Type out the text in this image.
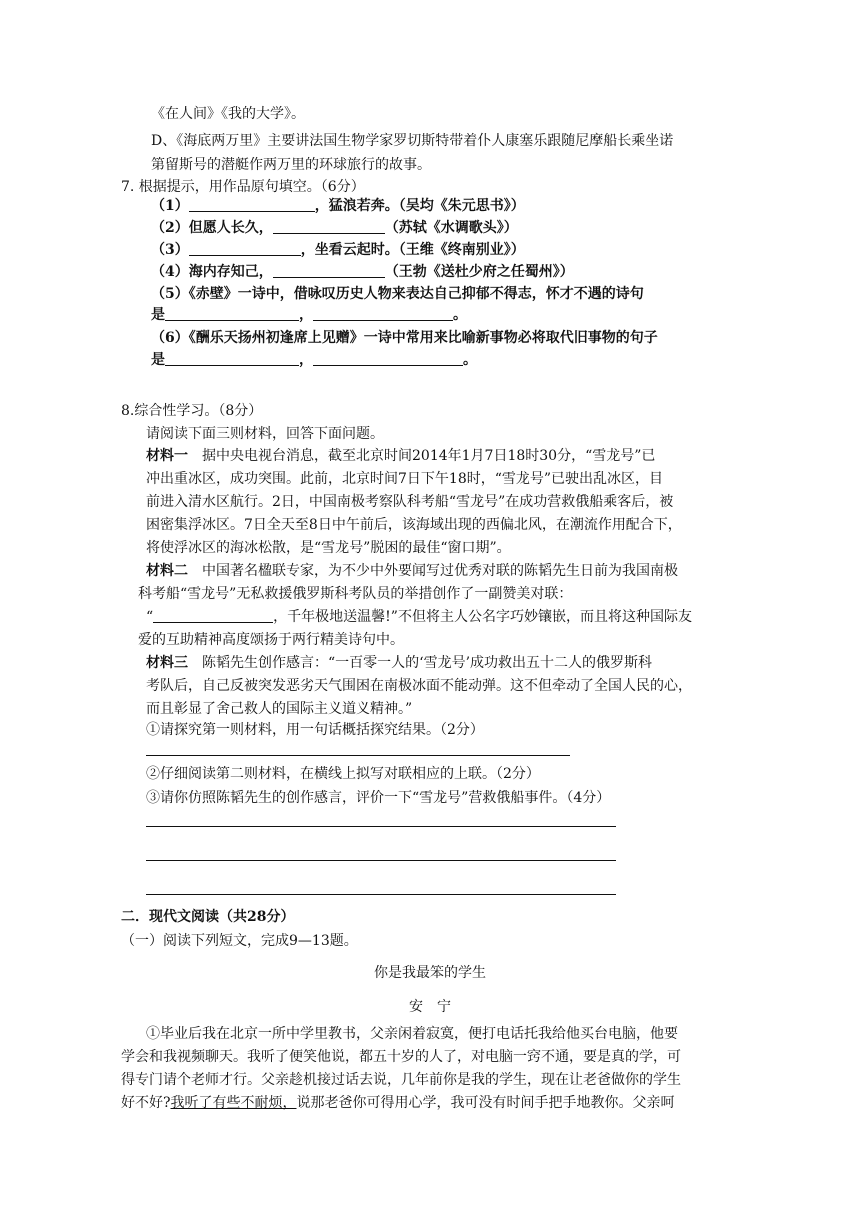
《在人间》《我的大学》。
D、《海底两万里》主要讲法国生物学家罗切斯特带着仆人康塞乐跟随尼摩船长乘坐诺
第留斯号的潜艇作两万里的环球旅行的故事。
7. 根据提示，用作品原句填空。（6分）
（1）	，猛浪若奔。（吴均《朱元思书》）
（2）但愿人长久，	（苏轼《水调歌头》）
（3）	，坐看云起时。（王维《终南别业》）
（4）海内存知己，	（王勃《送杜少府之任蜀州》）
（5）《赤壁》一诗中，借咏叹历史人物来表达自己抑郁不得志，怀才不遇的诗句
是	，	。
（6）《酬乐天扬州初逢席上见赠》一诗中常用来比喻新事物必将取代旧事物的句子
是	，	。
8.综合性学习。（8分）
请阅读下面三则材料，回答下面问题。
材料一　 据中央电视台消息，截至北京时间2014年1月7日18时30分，“雪龙号”已
冲出重冰区，成功突围。此前，北京时间7日下午18时，“雪龙号”已驶出乱冰区，目
前进入清水区航行。2日，中国南极考察队科考船“雪龙号”在成功营救俄船乘客后，被
困密集浮冰区。7日全天至8日中午前后，该海域出现的西偏北风，在潮流作用配合下，
将使浮冰区的海冰松散，是“雪龙号”脱困的最佳“窗口期”。
材料二　 中国著名楹联专家，为不少中外要闻写过优秀对联的陈韬先生日前为我国南极
科考船“雪龙号”无私救援俄罗斯科考队员的举措创作了一副赞美对联：
“	，千年极地送温馨!”不但将主人公名字巧妙镶嵌，而且将这种国际友
爱的互助精神高度颂扬于两行精美诗句中。
材料三　 陈韬先生创作感言：“一百零一人的‘雪龙号’成功救出五十二人的俄罗斯科
考队后，自己反被突发恶劣天气围困在南极冰面不能动弹。这不但牵动了全国人民的心，
而且彰显了舍己救人的国际主义道义精神。”
①请探究第一则材料，用一句话概括探究结果。（2分）
②仔细阅读第二则材料，在横线上拟写对联相应的上联。（2分）
③请你仿照陈韬先生的创作感言，评价一下“雪龙号”营救俄船事件。（4分）
二．现代文阅读（共28分）
（一）阅读下列短文，完成9—13题。
你是我最笨的学生
安　宁
①毕业后我在北京一所中学里教书，父亲闲着寂寞，便打电话托我给他买台电脑，他要
学会和我视频聊天。我听了便笑他说，都五十岁的人了，对电脑一窍不通，要是真的学，可
得专门请个老师才行。父亲趁机接过话去说，几年前你是我的学生，现在让老爸做你的学生
好不好?我听了有些不耐烦，说那老爸你可得用心学，我可没有时间手把手地教你。父亲呵
